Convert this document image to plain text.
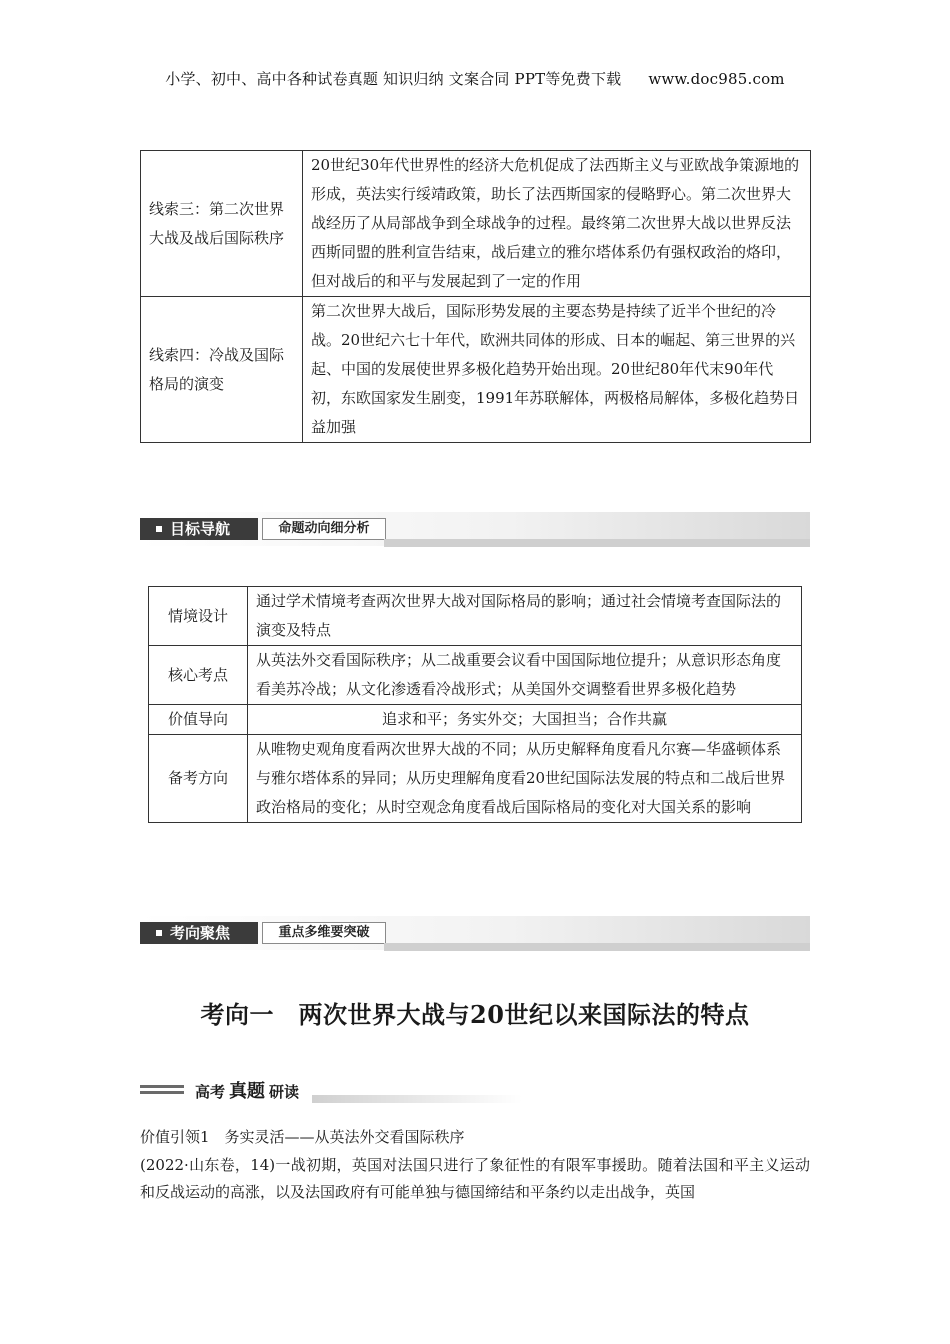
小学、初中、高中各种试卷真题 知识归纳 文案合同 PPT等免费下载 www.doc985.com
线索三：第二次世界大战及战后国际秩序	20世纪30年代世界性的经济大危机促成了法西斯主义与亚欧战争策源地的形成，英法实行绥靖政策，助长了法西斯国家的侵略野心。第二次世界大战经历了从局部战争到全球战争的过程。最终第二次世界大战以世界反法西斯同盟的胜利宣告结束，战后建立的雅尔塔体系仍有强权政治的烙印，但对战后的和平与发展起到了一定的作用
线索四：冷战及国际格局的演变	第二次世界大战后，国际形势发展的主要态势是持续了近半个世纪的冷战。20世纪六七十年代，欧洲共同体的形成、日本的崛起、第三世界的兴起、中国的发展使世界多极化趋势开始出现。20世纪80年代末90年代初，东欧国家发生剧变，1991年苏联解体，两极格局解体，多极化趋势日益加强
目标导航	命题动向细分析
情境设计	通过学术情境考查两次世界大战对国际格局的影响；通过社会情境考查国际法的演变及特点
核心考点	从英法外交看国际秩序；从二战重要会议看中国国际地位提升；从意识形态角度看美苏冷战；从文化渗透看冷战形式；从美国外交调整看世界多极化趋势
价值导向	追求和平；务实外交；大国担当；合作共赢
备考方向	从唯物史观角度看两次世界大战的不同；从历史解释角度看凡尔赛—华盛顿体系与雅尔塔体系的异同；从历史理解角度看20世纪国际法发展的特点和二战后世界政治格局的变化；从时空观念角度看战后国际格局的变化对大国关系的影响
考向聚焦	重点多维要突破
考向一　两次世界大战与20世纪以来国际法的特点
高考 真题 研读
价值引领1　务实灵活——从英法外交看国际秩序
(2022·山东卷，14)一战初期，英国对法国只进行了象征性的有限军事援助。随着法国和平主义运动和反战运动的高涨，以及法国政府有可能单独与德国缔结和平条约以走出战争，英国
